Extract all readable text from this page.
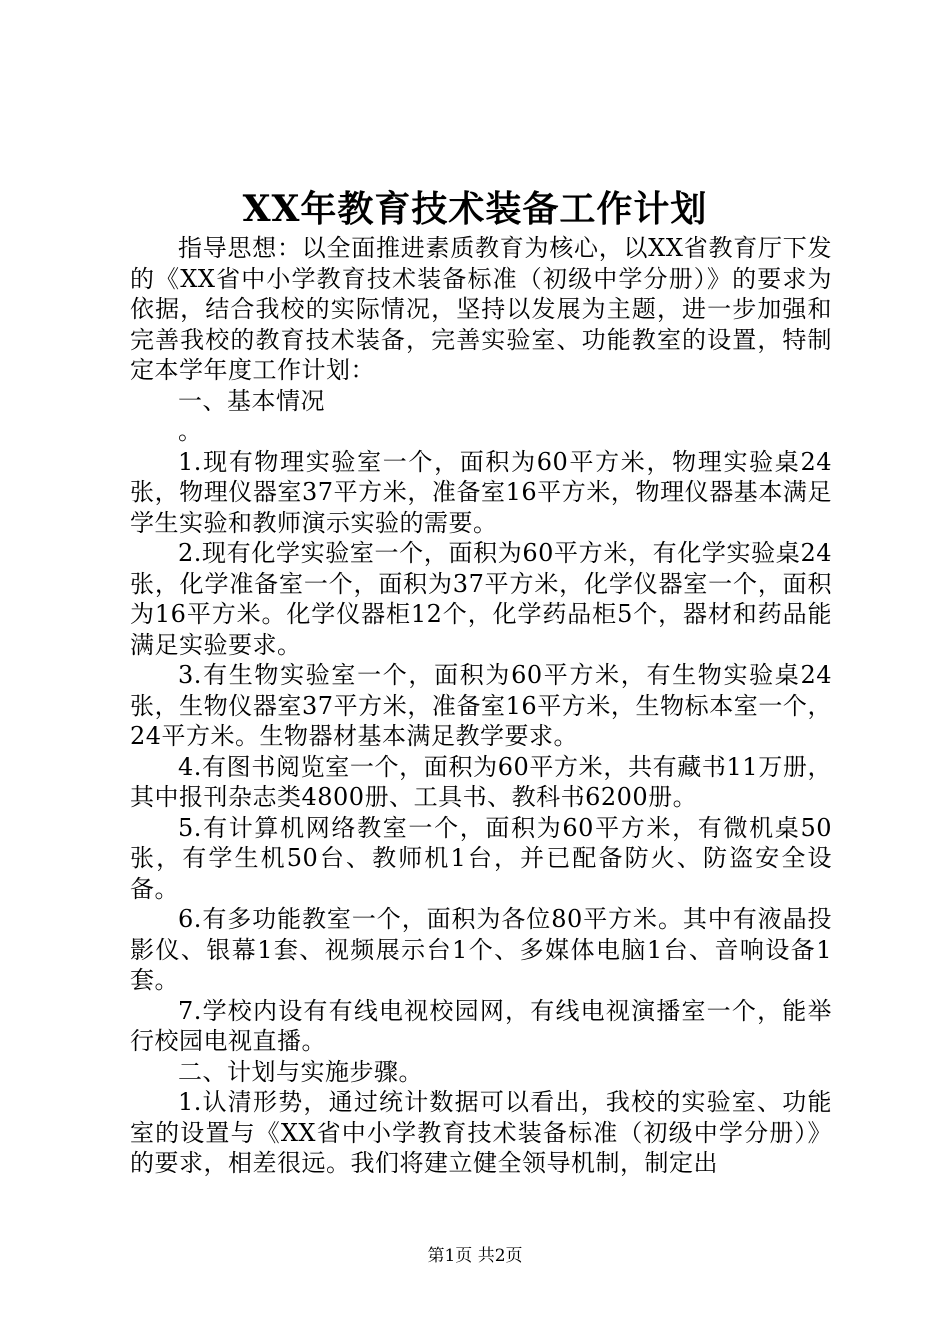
XX年教育技术装备工作计划

指导思想：以全面推进素质教育为核心，以XX省教育厅下发的《XX省中小学教育技术装备标准（初级中学分册）》的要求为依据，结合我校的实际情况，坚持以发展为主题，进一步加强和完善我校的教育技术装备，完善实验室、功能教室的设置，特制定本学年度工作计划：

一、基本情况

。

1.现有物理实验室一个，面积为60平方米，物理实验桌24张，物理仪器室37平方米，准备室16平方米，物理仪器基本满足学生实验和教师演示实验的需要。

2.现有化学实验室一个，面积为60平方米，有化学实验桌24张，化学准备室一个，面积为37平方米，化学仪器室一个，面积为16平方米。化学仪器柜12个，化学药品柜5个，器材和药品能满足实验要求。

3.有生物实验室一个，面积为60平方米，有生物实验桌24张，生物仪器室37平方米，准备室16平方米，生物标本室一个，24平方米。生物器材基本满足教学要求。

4.有图书阅览室一个，面积为60平方米，共有藏书11万册，其中报刊杂志类4800册、工具书、教科书6200册。

5.有计算机网络教室一个，面积为60平方米，有微机桌50张，有学生机50台、教师机1台，并已配备防火、防盗安全设备。

6.有多功能教室一个，面积为各位80平方米。其中有液晶投影仪、银幕1套、视频展示台1个、多媒体电脑1台、音响设备1套。

7.学校内设有有线电视校园网，有线电视演播室一个，能举行校园电视直播。

二、计划与实施步骤。

1.认清形势，通过统计数据可以看出，我校的实验室、功能室的设置与《XX省中小学教育技术装备标准（初级中学分册）》的要求，相差很远。我们将建立健全领导机制，制定出

第1页 共2页
